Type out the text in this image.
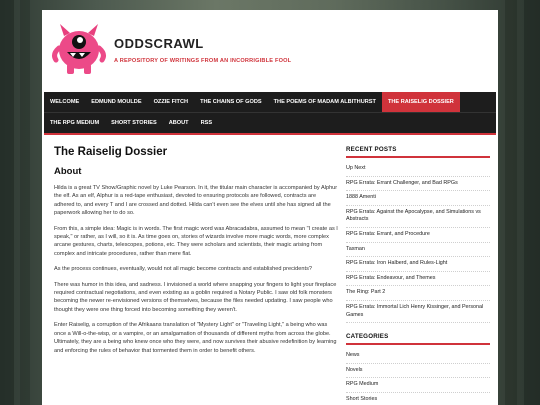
ODDSCRAWL
A REPOSITORY OF WRITINGS FROM AN INCORRIGIBLE FOOL
WELCOME	EDMUND MOULDE	OZZIE FITCH	THE CHAINS OF GODS	THE POEMS OF MADAM ALBITHURST	THE RAISELIG DOSSIER
THE RPG MEDIUM	SHORT STORIES	ABOUT	RSS
The Raiselig Dossier
About

Hilda is a great TV Show/Graphic novel by Luke Pearson. In it, the titular main character is accompanied by Alphur the elf. As an elf, Alphur is a red-tape enthusiast, devoted to ensuring protocols are followed, contracts are adhered to, and every T and I are crossed and dotted. Hilda can't even see the elves until she has signed all the paperwork allowing her to do so.

From this, a simple idea: Magic is in words. The first magic word was Abracadabra, assumed to mean "I create as I speak," or rather, as I will, so it is. As time goes on, stories of wizards involve more magic words, more complex arcane gestures, charts, telescopes, potions, etc. They were scholars and scientists, their magic arising from complex and intricate procedures, rather than mere flat.

As the process continues, eventually, would not all magic become contracts and established precidents?

There was humor in this idea, and sadness. I invisioned a world where snapping your fingers to light your fireplace required contractual negotiations, and even existing as a goblin required a Notary Public. I saw old folk monsters becoming the newer re-envisioned versions of themselves, because the files needed updating. I saw people who thought they were one thing forced into becoming something they weren't.

Enter Raiselig, a corruption of the Afrikaans translation of "Mystery Light" or "Traveling Light," a being who was once a Will-o-the-wisp, or a vampire, or an amalgamation of thousands of different myths from across the globe. Ultimately, they are a being who knew once who they were, and now survives their abusive redefinition by learning and enforcing the rules of behavior that tormented them in order to benefit others.

RECENT POSTS
Up Next
RPG Errata: Errant Challenger, and Bad RPGs
1888 Amenti
RPG Errata: Against the Apocalypse, and Simulations vs Abstracts
RPG Errata: Errant, and Procedure
Taxman
RPG Errata: Iron Halberd, and Rules-Light
RPG Errata: Endeavour, and Themes
The Ring: Part 2
RPG Errata: Immortal Lich Henry Kissinger, and Personal Games
CATEGORIES
News
Novels
RPG Medium
Short Stories
